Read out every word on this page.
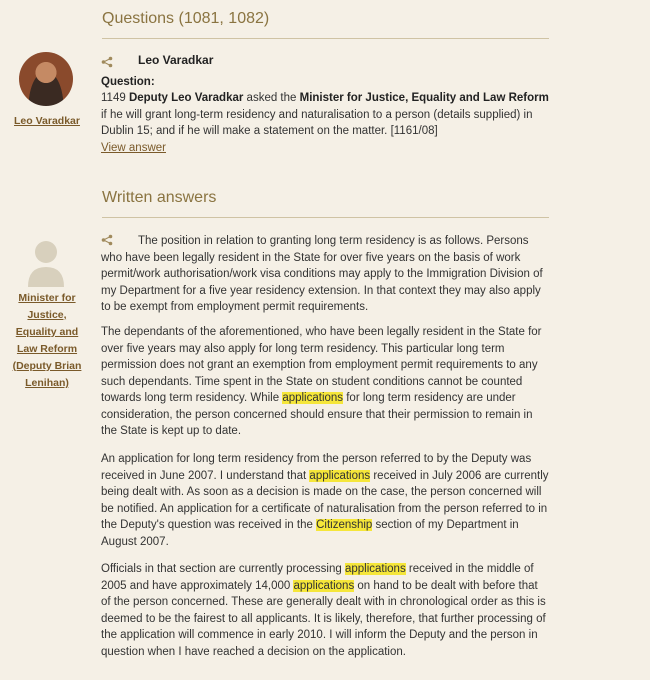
Questions (1081, 1082)
Leo Varadkar
Leo Varadkar
Question:
1149 Deputy Leo Varadkar asked the Minister for Justice, Equality and Law Reform if he will grant long-term residency and naturalisation to a person (details supplied) in Dublin 15; and if he will make a statement on the matter. [1161/08]
View answer
Written answers
Minister for
Justice,
Equality and
Law Reform
(Deputy Brian
Lenihan)
The position in relation to granting long term residency is as follows. Persons who have been legally resident in the State for over five years on the basis of work permit/work authorisation/work visa conditions may apply to the Immigration Division of my Department for a five year residency extension. In that context they may also apply to be exempt from employment permit requirements.
The dependants of the aforementioned, who have been legally resident in the State for over five years may also apply for long term residency. This particular long term permission does not grant an exemption from employment permit requirements to any such dependants. Time spent in the State on student conditions cannot be counted towards long term residency. While applications for long term residency are under consideration, the person concerned should ensure that their permission to remain in the State is kept up to date.
An application for long term residency from the person referred to by the Deputy was received in June 2007. I understand that applications received in July 2006 are currently being dealt with. As soon as a decision is made on the case, the person concerned will be notified. An application for a certificate of naturalisation from the person referred to in the Deputy's question was received in the Citizenship section of my Department in August 2007.
Officials in that section are currently processing applications received in the middle of 2005 and have approximately 14,000 applications on hand to be dealt with before that of the person concerned. These are generally dealt with in chronological order as this is deemed to be the fairest to all applicants. It is likely, therefore, that further processing of the application will commence in early 2010. I will inform the Deputy and the person in question when I have reached a decision on the application.
